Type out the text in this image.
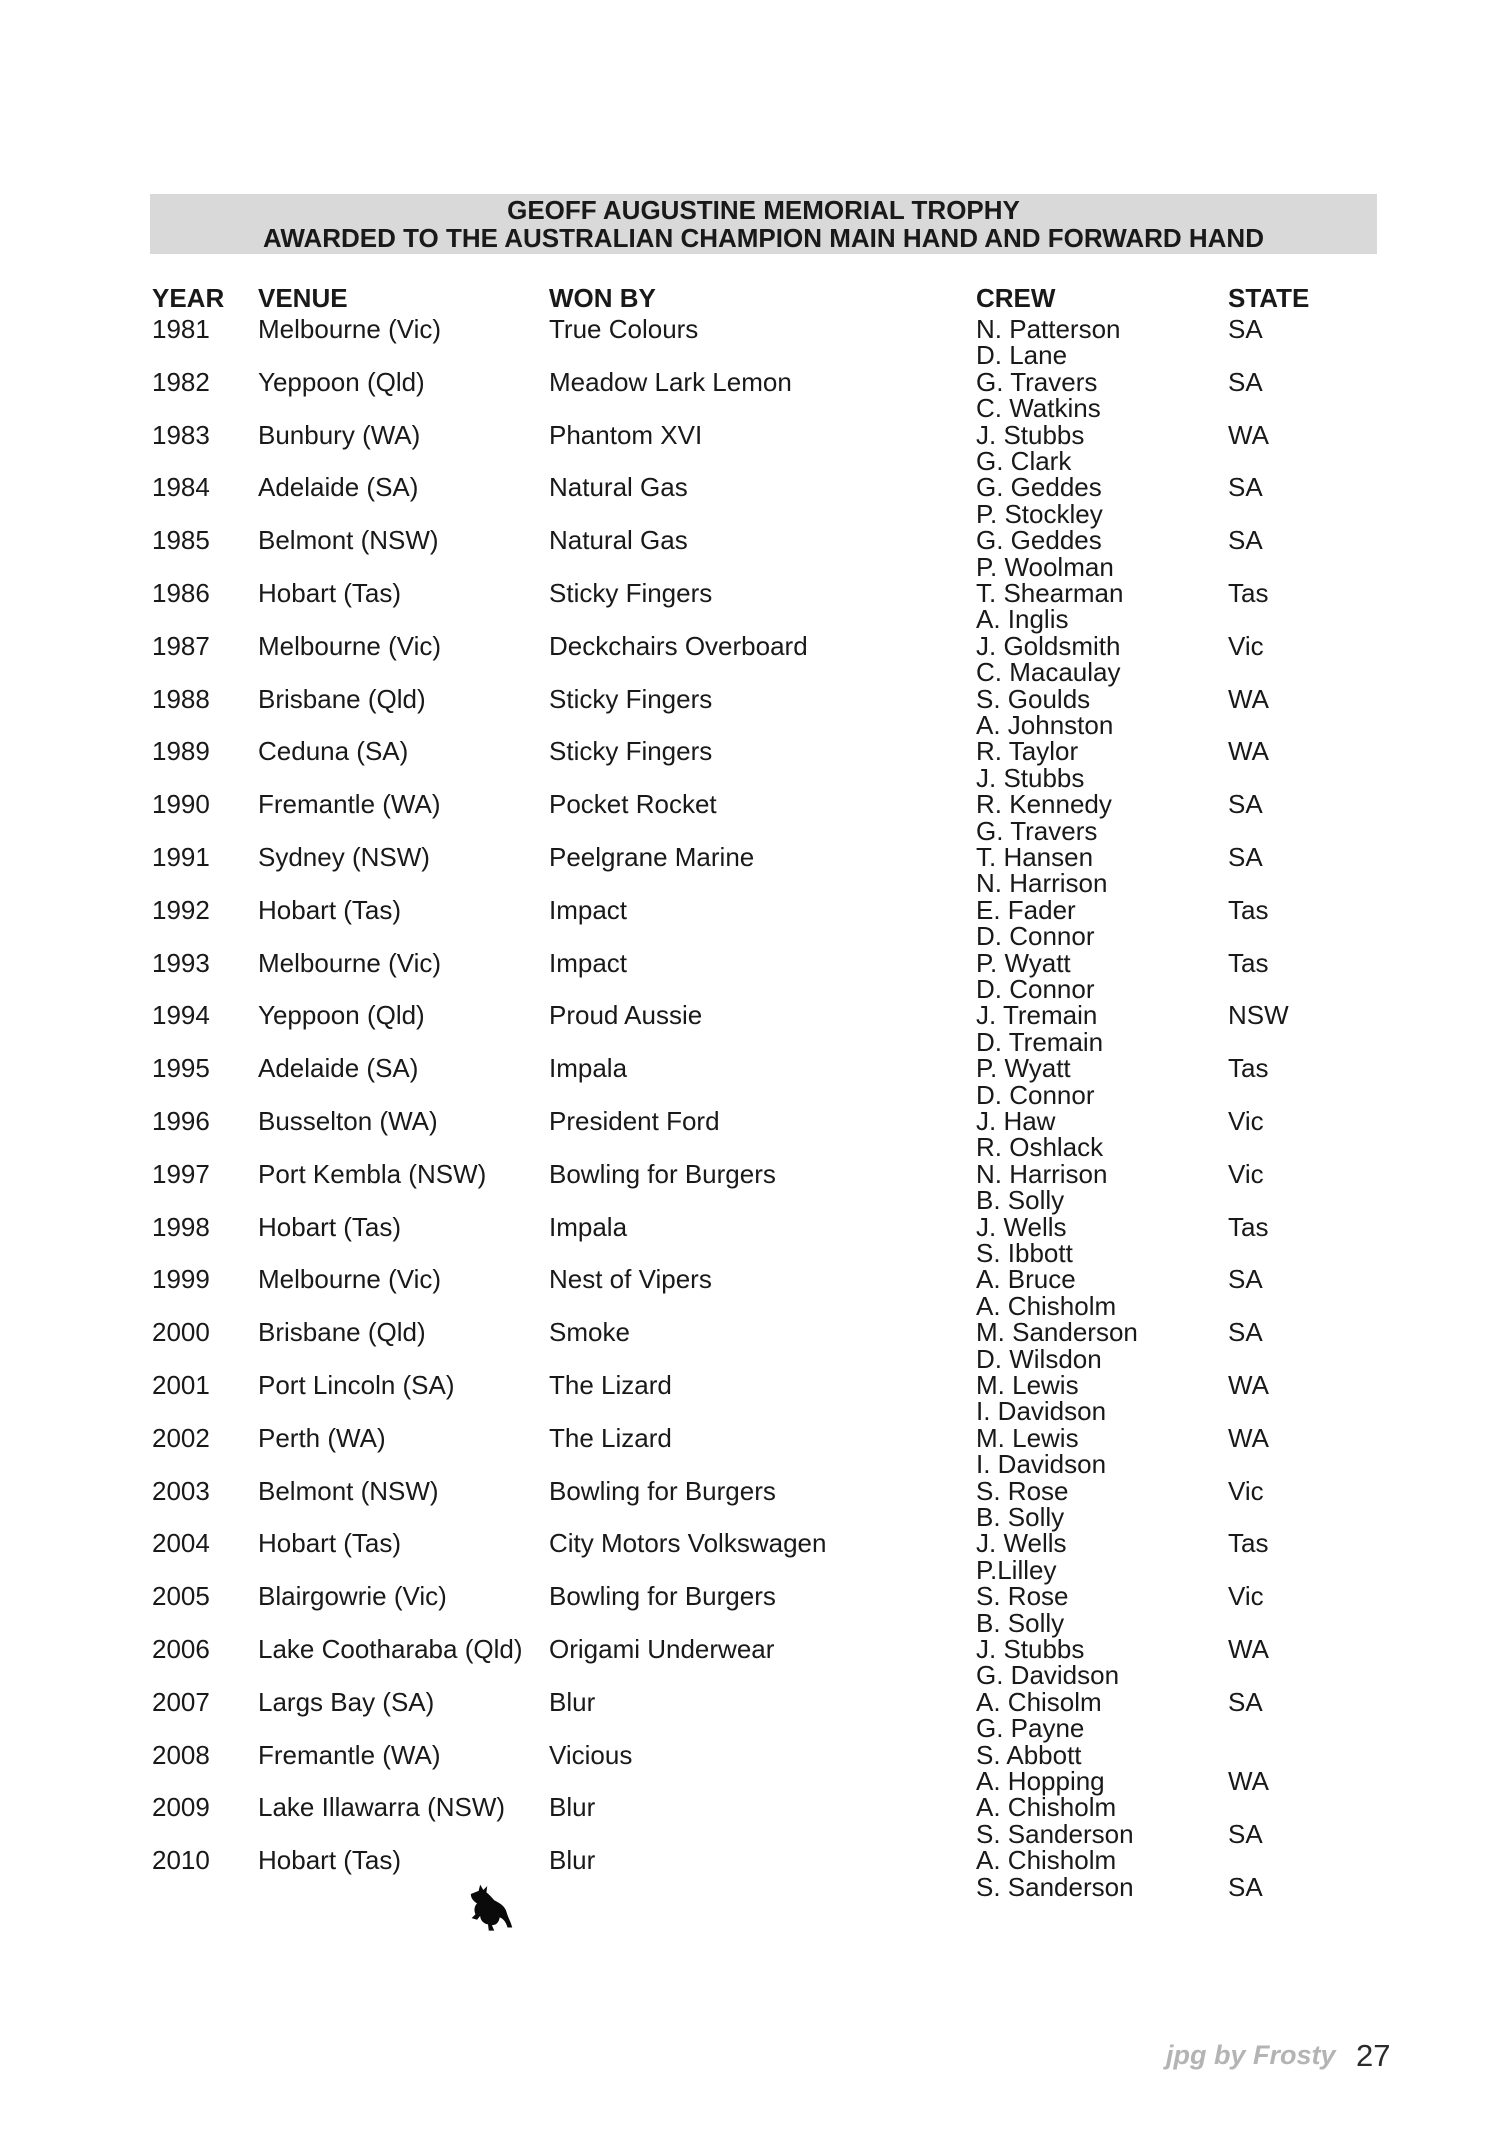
GEOFF AUGUSTINE MEMORIAL TROPHY
AWARDED TO THE AUSTRALIAN CHAMPION MAIN HAND AND FORWARD HAND
YEAR VENUE	WON BY	CREW	STATE
1981 Melbourne (Vic)	True Colours	N. Patterson	SA
D. Lane
1982 Yeppoon (Qld)	Meadow Lark Lemon	G. Travers	SA
C. Watkins
1983 Bunbury (WA)	Phantom XVI	J. Stubbs	WA
G. Clark
1984 Adelaide (SA)	Natural Gas	G. Geddes	SA
P. Stockley
1985 Belmont (NSW)	Natural Gas	G. Geddes	SA
P. Woolman
1986 Hobart (Tas)	Sticky Fingers	T. Shearman	Tas
A. Inglis
1987 Melbourne (Vic)	Deckchairs Overboard	J. Goldsmith	Vic
C. Macaulay
1988 Brisbane (Qld)	Sticky Fingers	S. Goulds	WA
A. Johnston
1989 Ceduna (SA)	Sticky Fingers	R. Taylor	WA
J. Stubbs
1990 Fremantle (WA)	Pocket Rocket	R. Kennedy	SA
G. Travers
1991 Sydney (NSW)	Peelgrane Marine	T. Hansen	SA
N. Harrison
1992 Hobart (Tas)	Impact	E. Fader	Tas
D. Connor
1993 Melbourne (Vic)	Impact	P. Wyatt	Tas
D. Connor
1994 Yeppoon (Qld)	Proud Aussie	J. Tremain	NSW
D. Tremain
1995 Adelaide (SA)	Impala	P. Wyatt	Tas
D. Connor
1996 Busselton (WA)	President Ford	J. Haw	Vic
R. Oshlack
1997 Port Kembla (NSW) Bowling for Burgers	N. Harrison	Vic
B. Solly
1998 Hobart (Tas)	Impala	J. Wells	Tas
S. Ibbott
1999 Melbourne (Vic)	Nest of Vipers	A. Bruce	SA
A. Chisholm
2000 Brisbane (Qld)	Smoke	M. Sanderson	SA
D. Wilsdon
2001 Port Lincoln (SA)	The Lizard	M. Lewis	WA
I. Davidson
2002 Perth (WA)	The Lizard	M. Lewis	WA
I. Davidson
2003 Belmont (NSW)	Bowling for Burgers	S. Rose	Vic
B. Solly
2004 Hobart (Tas)	City Motors Volkswagen	J. Wells	Tas
P.Lilley
2005 Blairgowrie (Vic)	Bowling for Burgers	S. Rose	Vic
B. Solly
2006 Lake Cootharaba (Qld) Origami Underwear	J. Stubbs	WA
G. Davidson
2007 Largs Bay (SA)	Blur	A. Chisolm	SA
G. Payne
2008 Fremantle (WA)	Vicious	S. Abbott
A. Hopping	WA
2009 Lake Illawarra (NSW) Blur	A. Chisholm
S. Sanderson	SA
2010 Hobart (Tas)	Blur	A. Chisholm
S. Sanderson	SA
jpg by Frosty 27
